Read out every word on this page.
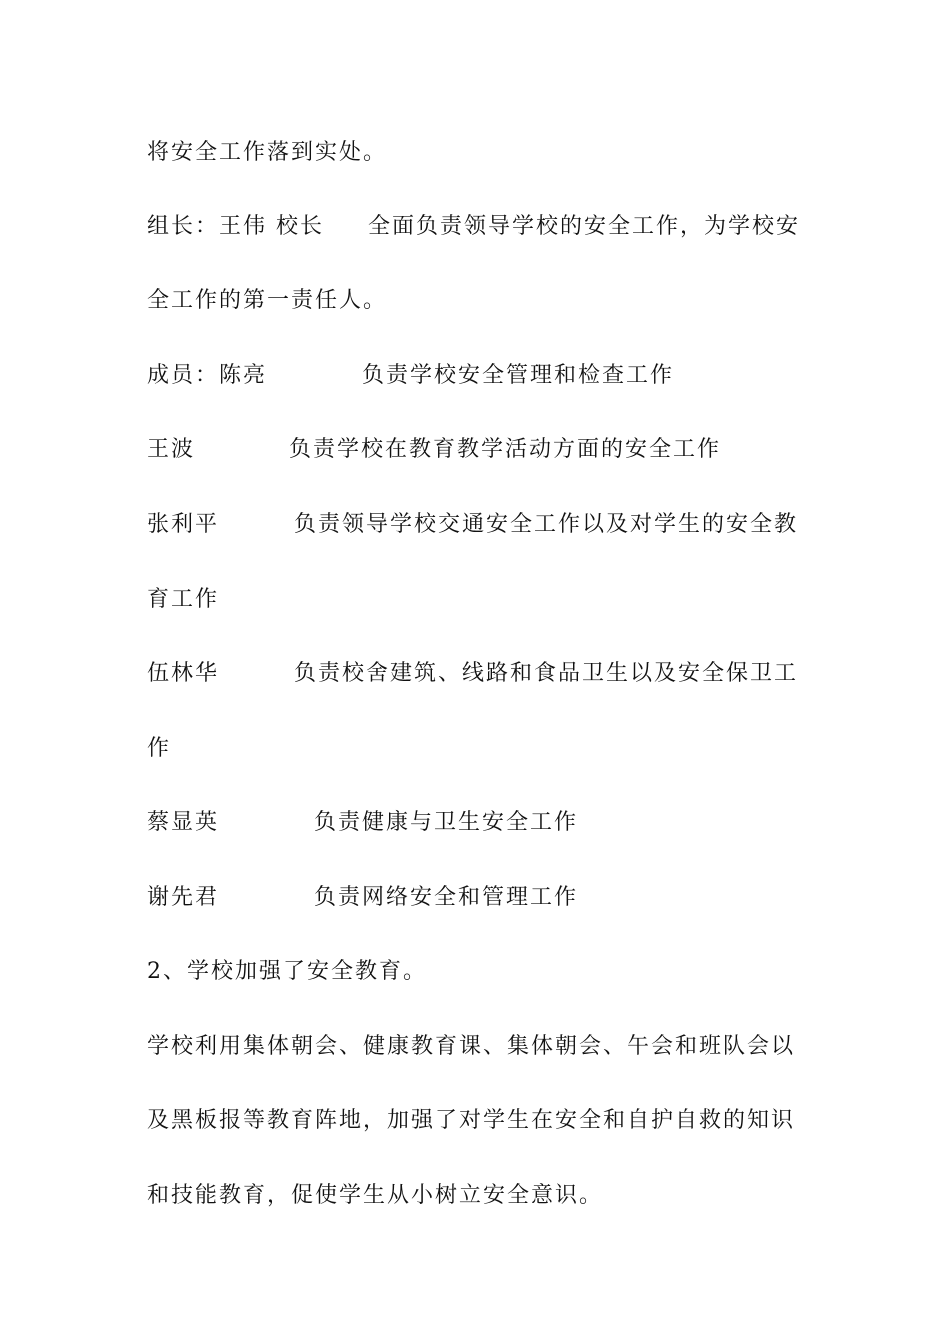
将安全工作落到实处。
组长：王伟 校长 全面负责领导学校的安全工作，为学校安
全工作的第一责任人。
成员：陈亮	负责学校安全管理和检查工作
王波	负责学校在教育教学活动方面的安全工作
张利平	负责领导学校交通安全工作以及对学生的安全教
育工作
伍林华	负责校舍建筑、线路和食品卫生以及安全保卫工
作
蔡显英	负责健康与卫生安全工作
谢先君	负责网络安全和管理工作
2、学校加强了安全教育。
学校利用集体朝会、健康教育课、集体朝会、午会和班队会以
及黑板报等教育阵地，加强了对学生在安全和自护自救的知识
和技能教育，促使学生从小树立安全意识。
